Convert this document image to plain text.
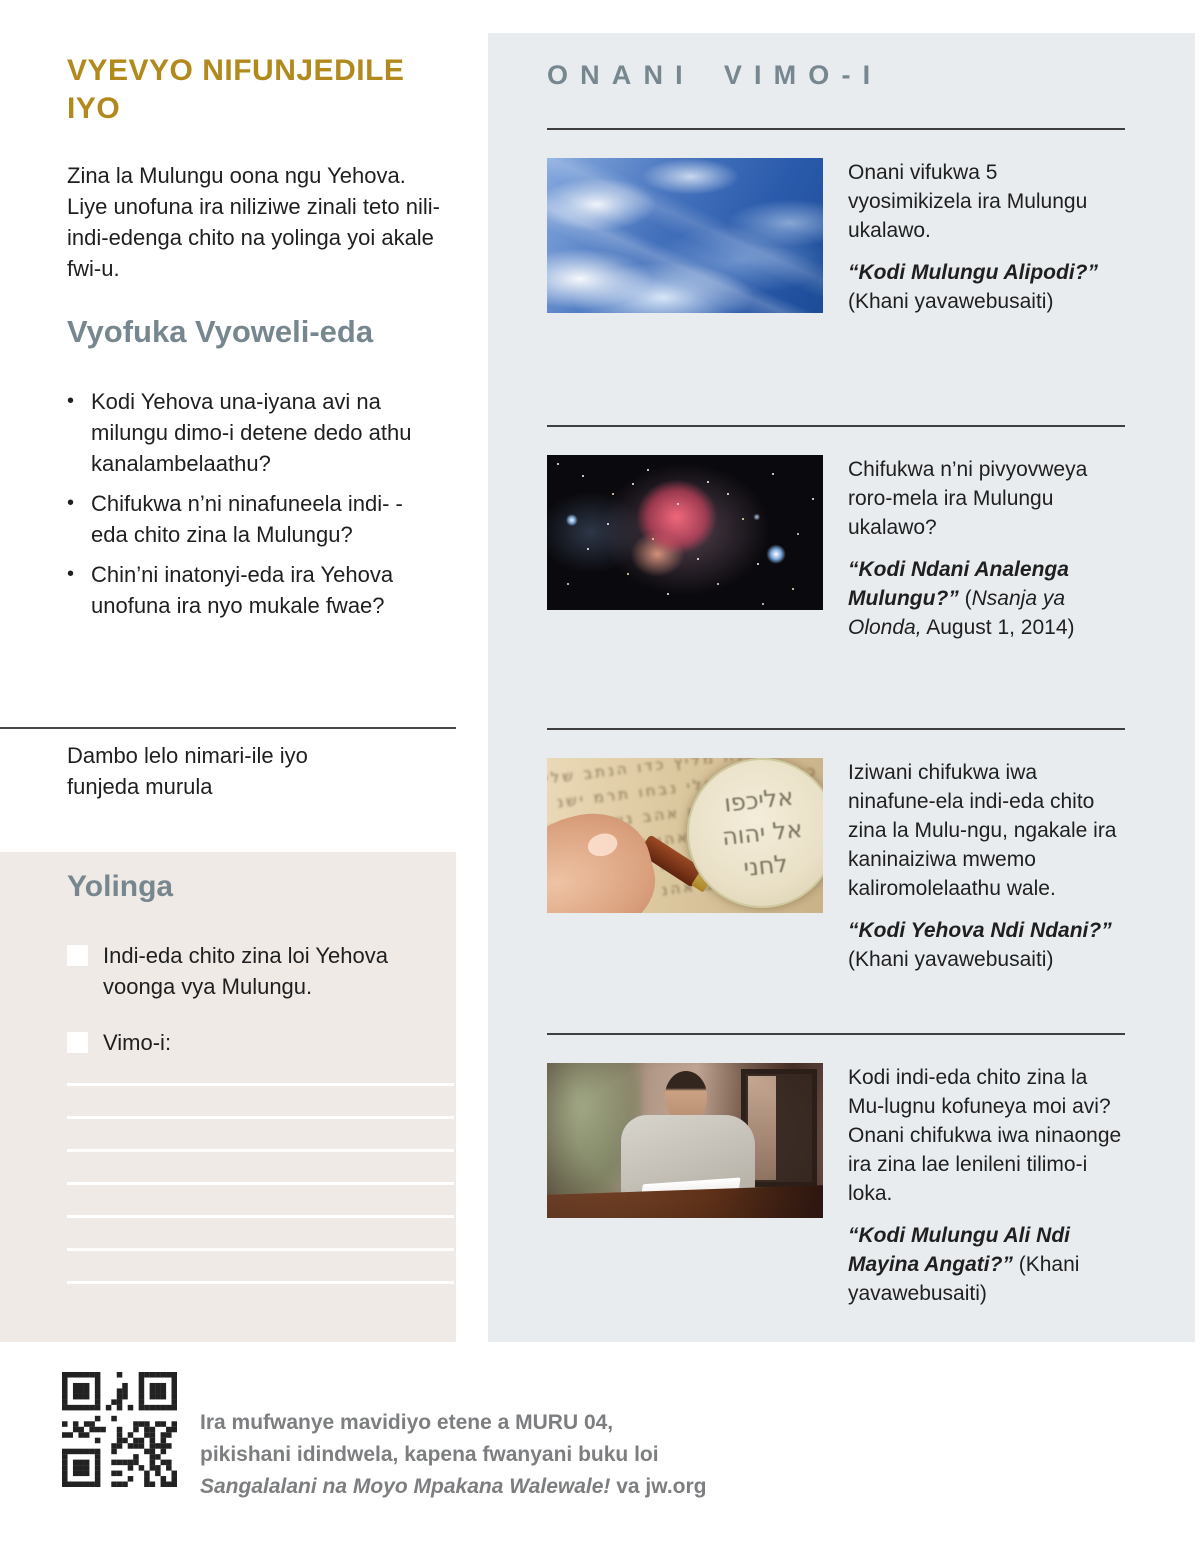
VYEVYO NIFUNJEDILE IYO

Zina la Mulungu oona ngu Yehova. Liye unofuna ira niliziwe zinali teto nili-indi-edenga chito na yolinga yoi akale fwi-u.

Vyofuka Vyoweli-eda
• Kodi Yehova una-iyana avi na milungu dimo-i detene dedo athu kanalambelaathu?
• Chifukwa n’ni ninafuneela indi- -eda chito zina la Mulungu?
• Chin’ni inatonyi-eda ira Yehova unofuna ira nyo mukale fwae?

Dambo lelo nimari-ile iyo funjeda murula

Yolinga
Indi-eda chito zina loi Yehova voonga vya Mulungu.
Vimo-i:
ONANI VIMO-I

Onani vifukwa 5 vyosimikizela ira Mulungu ukalawo.

“Kodi Mulungu Alipodi?”(Khani yavawebusaiti)

Chifukwa n’ni pivyovweya roro-mela ira Mulungu ukalawo?

“Kodi Ndani Analenga Mulungu?” (Nsanja ya Olonda, August 1, 2014)

אבש רחנת מליץ כדו הנתב שלי רק כמרה דשת אלי נבחו תרמ ישנ דב שדי לנתב כרמו אהב נשלת ימק ר נבת שרמ כדיל אהו תנשב מרק די רשת מנב כליה אדו נשרת במק לי כדנ שתמ רליב אהנ ושדת נרמ בק
אליכפו אל יהוה לחני

Iziwani chifukwa iwa ninafune-ela indi-eda chito zina la Mulu-ngu, ngakale ira kaninaiziwa mwemo kaliromolelaathu wale.

“Kodi Yehova Ndi Ndani?”(Khani yavawebusaiti)

Kodi indi-eda chito zina la Mu-lugnu kofuneya moi avi? Onani chifukwa iwa ninaonge ira zina lae lenileni tilimo-i loka.

“Kodi Mulungu Ali Ndi Mayina Angati?” (Khani yavawebusaiti)

Ira mufwanye mavidiyo etene a MURU 04,
pikishani idindwela, kapena fwanyani buku loi
Sangalalani na Moyo Mpakana Walewale! va jw.org
